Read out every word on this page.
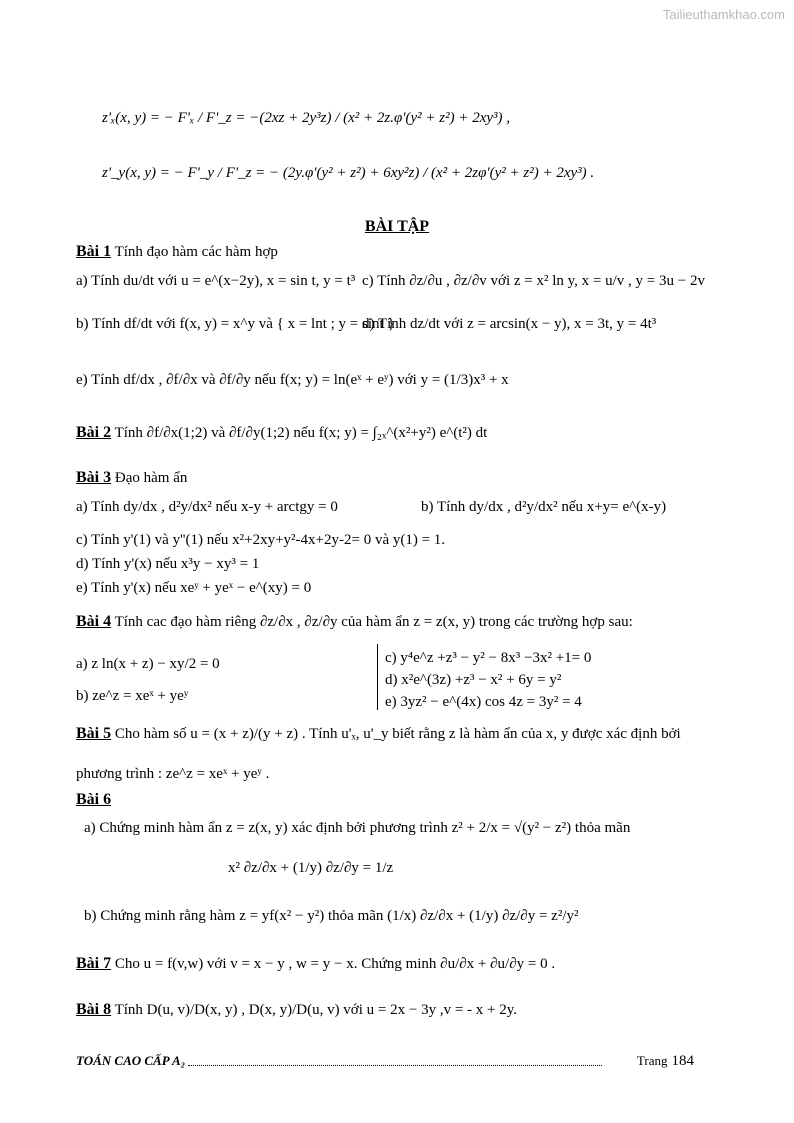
Tailieuthamkhao.com
z'ₓ(x, y) = − F'ₓ / F'_z = −(2xz + 2y³z) / (x² + 2z.φ'(y² + z²) + 2xy³) ,
z'_y(x, y) = − F'_y / F'_z = − (2y.φ'(y² + z²) + 6xy²z) / (x² + 2zφ'(y² + z²) + 2xy³) .
BÀI TẬP
Bài 1 Tính đạo hàm các hàm hợp
a) Tính du/dt với u = e^(x−2y), x = sin t, y = t³ c) Tính ∂z/∂u , ∂z/∂v với z = x² ln y, x = u/v , y = 3u − 2v
b) Tính df/dt với f(x, y) = x^y và { x = lnt ; y = sint }
d) Tính dz/dt với z = arcsin(x − y), x = 3t, y = 4t³
e) Tính df/dx , ∂f/∂x và ∂f/∂y nếu f(x; y) = ln(eˣ + eʸ) với y = (1/3)x³ + x
Bài 2 Tính ∂f/∂x(1;2) và ∂f/∂y(1;2) nếu f(x; y) = ∫₂ₓ^(x²+y²) e^(t²) dt
Bài 3 Đạo hàm ẩn
a) Tính dy/dx , d²y/dx² nếu x-y + arctgy = 0	b) Tính dy/dx , d²y/dx² nếu x+y= e^(x-y)
c) Tính y'(1) và y''(1) nếu x²+2xy+y²-4x+2y-2= 0 và y(1) = 1.
d) Tính y'(x) nếu x³y − xy³ = 1
e) Tính y'(x) nếu xeʸ + yeˣ − e^(xy) = 0
Bài 4 Tính cac đạo hàm riêng ∂z/∂x , ∂z/∂y của hàm ẩn z = z(x, y) trong các trường hợp sau:
a) z ln(x + z) − xy/2 = 0
b) ze^z = xeˣ + yeʸ
c) y⁴e^z +z³ − y² − 8x³ −3x² +1= 0
d) x²e^(3z) +z³ − x² + 6y = y²
e) 3yz² − e^(4x) cos 4z = 3y² = 4
Bài 5 Cho hàm số u = (x + z)/(y + z) . Tính u'ₓ, u'_y biết rằng z là hàm ẩn của x, y được xác định bởi
phương trình : ze^z = xeˣ + yeʸ .
Bài 6
a) Chứng minh hàm ẩn z = z(x, y) xác định bởi phương trình z² + 2/x = √(y² − z²) thỏa mãn
x² ∂z/∂x + (1/y) ∂z/∂y = 1/z
b) Chứng minh rằng hàm z = yf(x² − y²) thỏa mãn (1/x) ∂z/∂x + (1/y) ∂z/∂y = z²/y²
Bài 7 Cho u = f(v,w) với v = x − y , w = y − x. Chứng minh ∂u/∂x + ∂u/∂y = 0 .
Bài 8 Tính D(u, v)/D(x, y) , D(x, y)/D(u, v) với u = 2x − 3y ,v = - x + 2y.
TOÁN CAO CẤP A₂	Trang 184
